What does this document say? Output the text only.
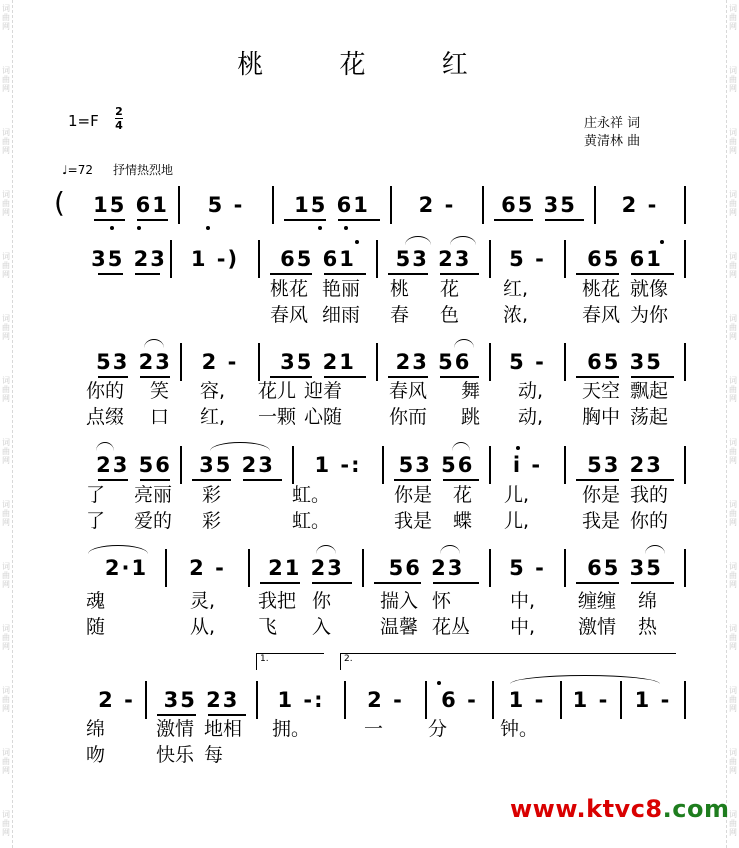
词
曲
网
词
曲
网
词
曲
网
词
曲
网
词
曲
网
词
曲
网
词
曲
网
词
曲
网
词
曲
网
词
曲
网
词
曲
网
词
曲
网
词
曲
网
词
曲
网
词
曲
网
词
曲
网
词
曲
网
词
曲
网
词
曲
网
词
曲
网
词
曲
网
词
曲
网
词
曲
网
词
曲
网
词
曲
网
词
曲
网
词
曲
网
词
曲
网
桃 花 红
1=F
2
4	庄永祥 词
黄清林 曲
♩=72 抒情热烈地
(	15 61	5 -	15 61	2 -	65 35	2 -
35 23	1 -)	65 61	53 23	5 -	65 61
53 23	2 -	35 21	23 56	5 -	65 35
23 56	35 23	1 -:	53 56	i -	53 23
2·1	2 -	21 23	56 23	5 -	65 35
2 -	35 23	1 -:	2 -	6 -	1 -	1 -	1 -
1.	2.
桃花 艳丽 桃 花 红,	桃花 就像
春风 细雨 春 色 浓,	春风 为你
你的 笑 容, 花儿 迎着 春风 舞 动, 天空 飘起
点缀 口 红, 一颗 心随 你而 跳 动, 胸中 荡起
了 亮丽 彩	虹。	你是 花 儿,	你是 我的
了 爱的 彩	虹。	我是 蝶 儿,	我是 你的
魂	灵, 我把 你	揣入 怀	中, 缠缠 绵
随	从, 飞 入	温馨 花丛 中, 激情 热
绵	激情 地相 拥。	一 分	钟。
吻	快乐 每
www.ktvc8.com
